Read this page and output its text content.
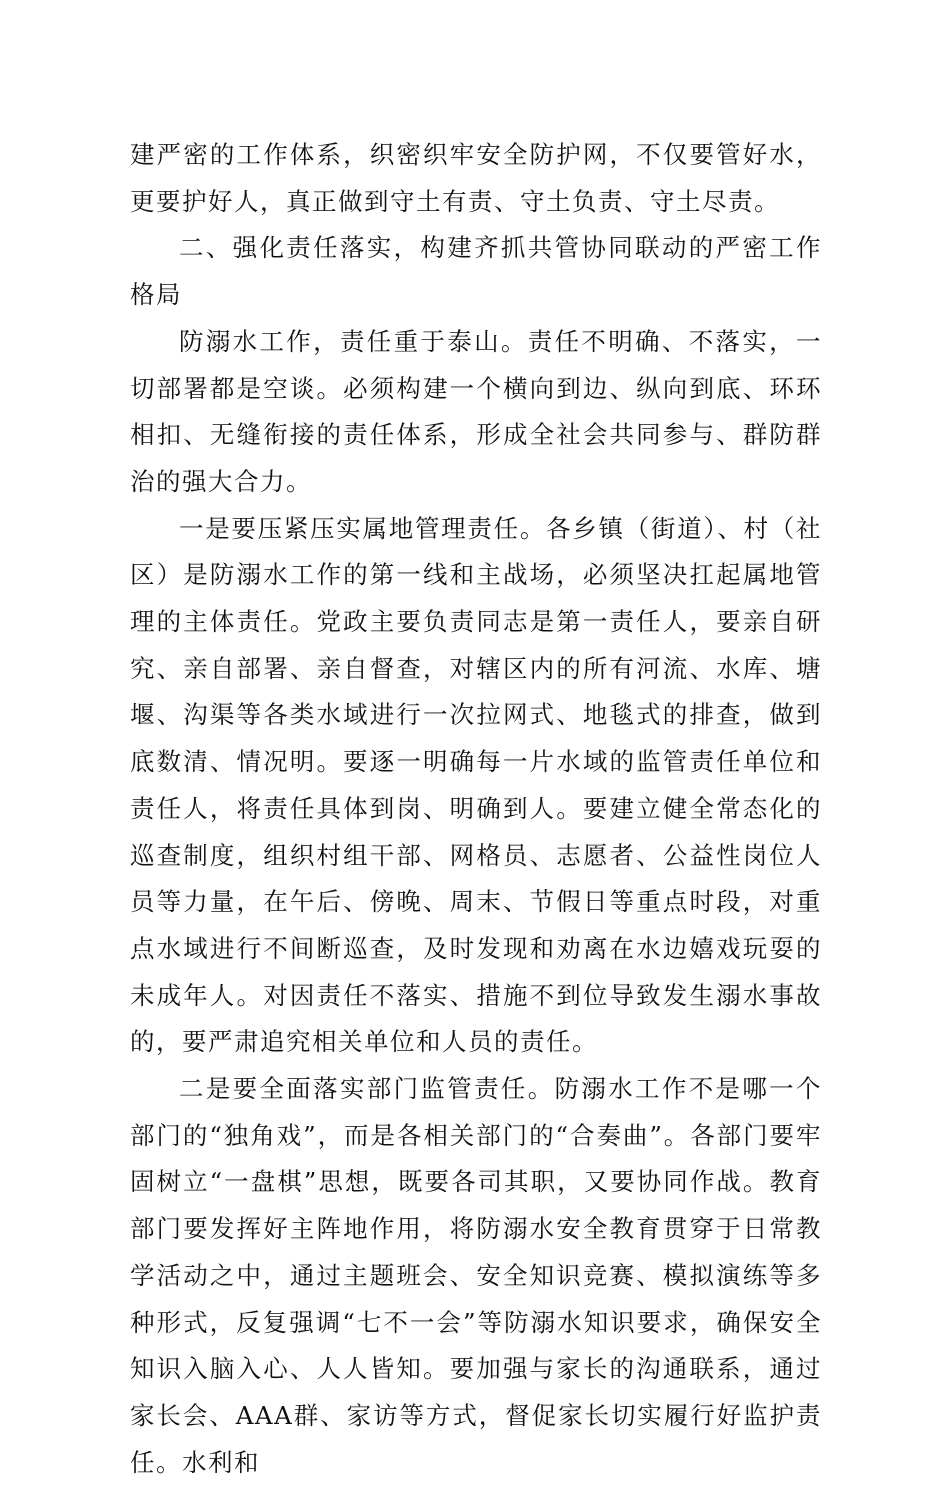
建严密的工作体系，织密织牢安全防护网，不仅要管好水，更要护好人，真正做到守土有责、守土负责、守土尽责。

二、强化责任落实，构建齐抓共管协同联动的严密工作格局

防溺水工作，责任重于泰山。责任不明确、不落实，一切部署都是空谈。必须构建一个横向到边、纵向到底、环环相扣、无缝衔接的责任体系，形成全社会共同参与、群防群治的强大合力。

一是要压紧压实属地管理责任。各乡镇（街道）、村（社区）是防溺水工作的第一线和主战场，必须坚决扛起属地管理的主体责任。党政主要负责同志是第一责任人，要亲自研究、亲自部署、亲自督查，对辖区内的所有河流、水库、塘堰、沟渠等各类水域进行一次拉网式、地毯式的排查，做到底数清、情况明。要逐一明确每一片水域的监管责任单位和责任人，将责任具体到岗、明确到人。要建立健全常态化的巡查制度，组织村组干部、网格员、志愿者、公益性岗位人员等力量，在午后、傍晚、周末、节假日等重点时段，对重点水域进行不间断巡查，及时发现和劝离在水边嬉戏玩耍的未成年人。对因责任不落实、措施不到位导致发生溺水事故的，要严肃追究相关单位和人员的责任。

二是要全面落实部门监管责任。防溺水工作不是哪一个部门的“独角戏”，而是各相关部门的“合奏曲”。各部门要牢固树立“一盘棋”思想，既要各司其职，又要协同作战。教育部门要发挥好主阵地作用，将防溺水安全教育贯穿于日常教学活动之中，通过主题班会、安全知识竞赛、模拟演练等多种形式，反复强调“七不一会”等防溺水知识要求，确保安全知识入脑入心、人人皆知。要加强与家长的沟通联系，通过家长会、AAA群、家访等方式，督促家长切实履行好监护责任。水利和
